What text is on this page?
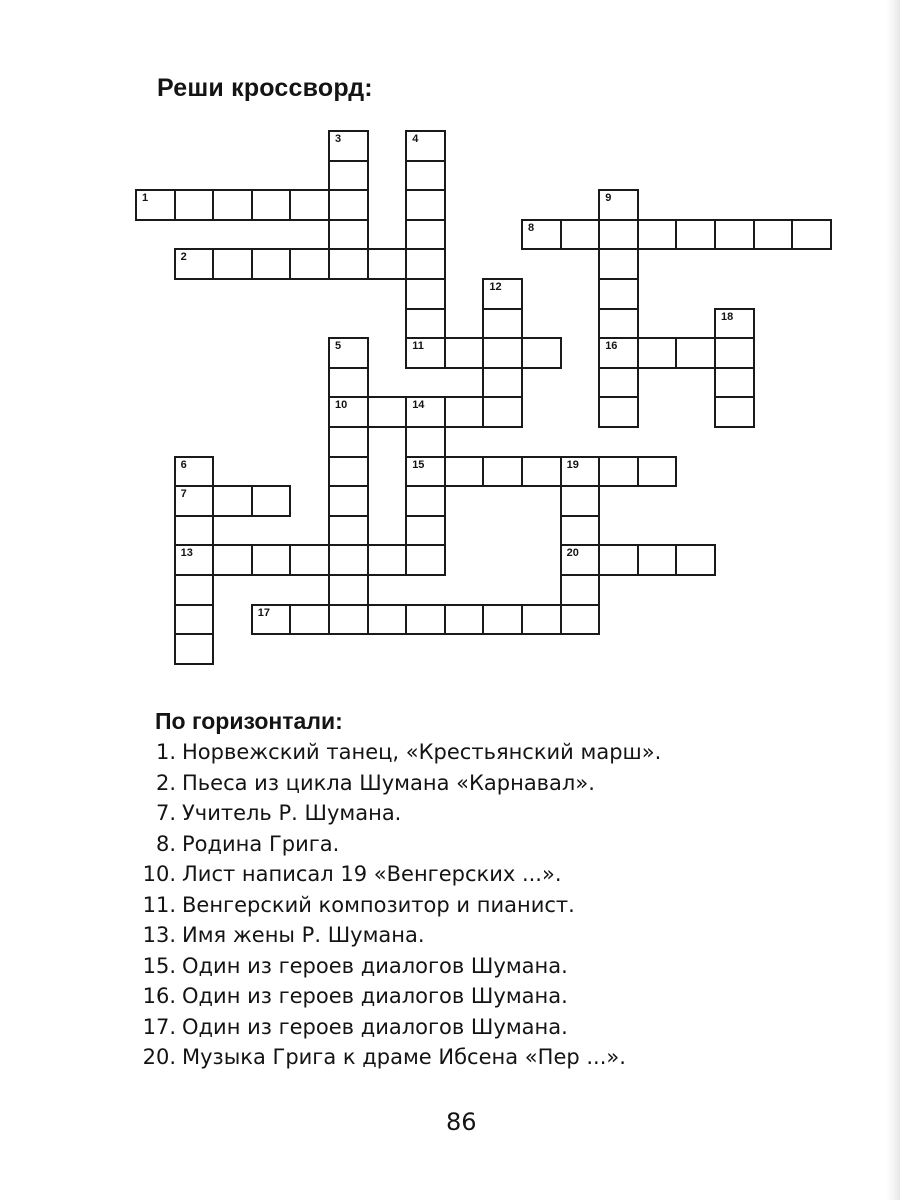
Реши кроссворд:
1
2
8
11	16
10	14
15	19
7
13	20
17
3	4
9
12
18
5
6
По горизонтали:
1. Норвежский танец, «Крестьянский марш».
2. Пьеса из цикла Шумана «Карнавал».
7. Учитель Р. Шумана.
8. Родина Грига.
10. Лист написал 19 «Венгерских ...».
11. Венгерский композитор и пианист.
13. Имя жены Р. Шумана.
15. Один из героев диалогов Шумана.
16. Один из героев диалогов Шумана.
17. Один из героев диалогов Шумана.
20. Музыка Грига к драме Ибсена «Пер ...».
86
